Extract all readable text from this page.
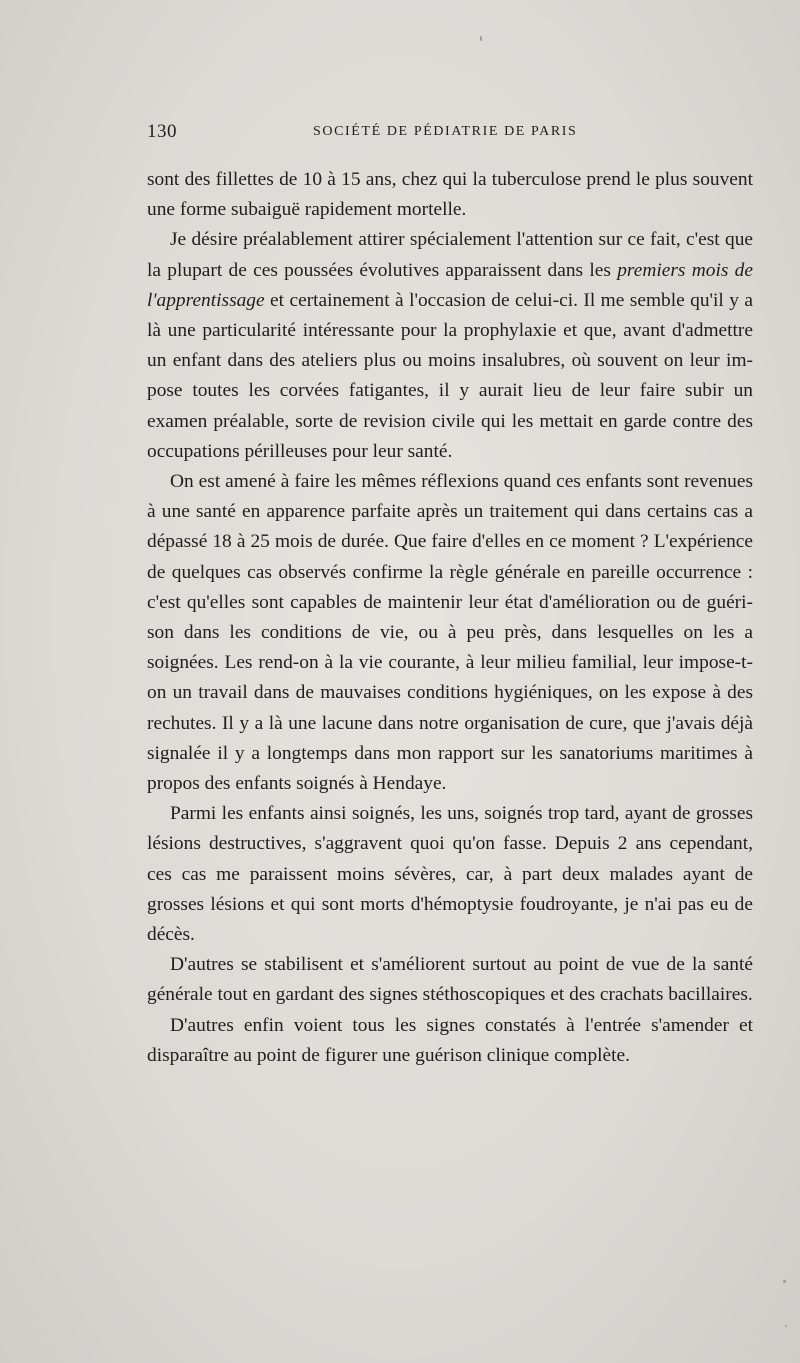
130	SOCIÉTÉ DE PÉDIATRIE DE PARIS

sont des fillettes de 10 à 15 ans, chez qui la tuberculose prend le plus souvent une forme subaiguë rapidement mortelle.

Je désire préalablement attirer spécialement l'attention sur ce fait, c'est que la plupart de ces poussées évolutives apparaissent dans les premiers mois de l'apprentissage et certainement à l'occasion de celui-ci. Il me semble qu'il y a là une particularité intéressante pour la prophylaxie et que, avant d'admettre un enfant dans des ateliers plus ou moins insalubres, où souvent on leur impose toutes les corvées fatigantes, il y aurait lieu de leur faire subir un examen préalable, sorte de revision civile qui les mettait en garde contre des occupations périlleuses pour leur santé.

On est amené à faire les mêmes réflexions quand ces enfants sont revenues à une santé en apparence parfaite après un traitement qui dans certains cas a dépassé 18 à 25 mois de durée. Que faire d'elles en ce moment ? L'expérience de quelques cas observés confirme la règle générale en pareille occurrence : c'est qu'elles sont capables de maintenir leur état d'amélioration ou de guérison dans les conditions de vie, ou à peu près, dans lesquelles on les a soignées. Les rend-on à la vie courante, à leur milieu familial, leur impose-t-on un travail dans de mauvaises conditions hygiéniques, on les expose à des rechutes. Il y a là une lacune dans notre organisation de cure, que j'avais déjà signalée il y a longtemps dans mon rapport sur les sanatoriums maritimes à propos des enfants soignés à Hendaye.

Parmi les enfants ainsi soignés, les uns, soignés trop tard, ayant de grosses lésions destructives, s'aggravent quoi qu'on fasse. Depuis 2 ans cependant, ces cas me paraissent moins sévères, car, à part deux malades ayant de grosses lésions et qui sont morts d'hémoptysie foudroyante, je n'ai pas eu de décès.

D'autres se stabilisent et s'améliorent surtout au point de vue de la santé générale tout en gardant des signes stéthoscopiques et des crachats bacillaires.

D'autres enfin voient tous les signes constatés à l'entrée s'amender et disparaître au point de figurer une guérison clinique complète.
